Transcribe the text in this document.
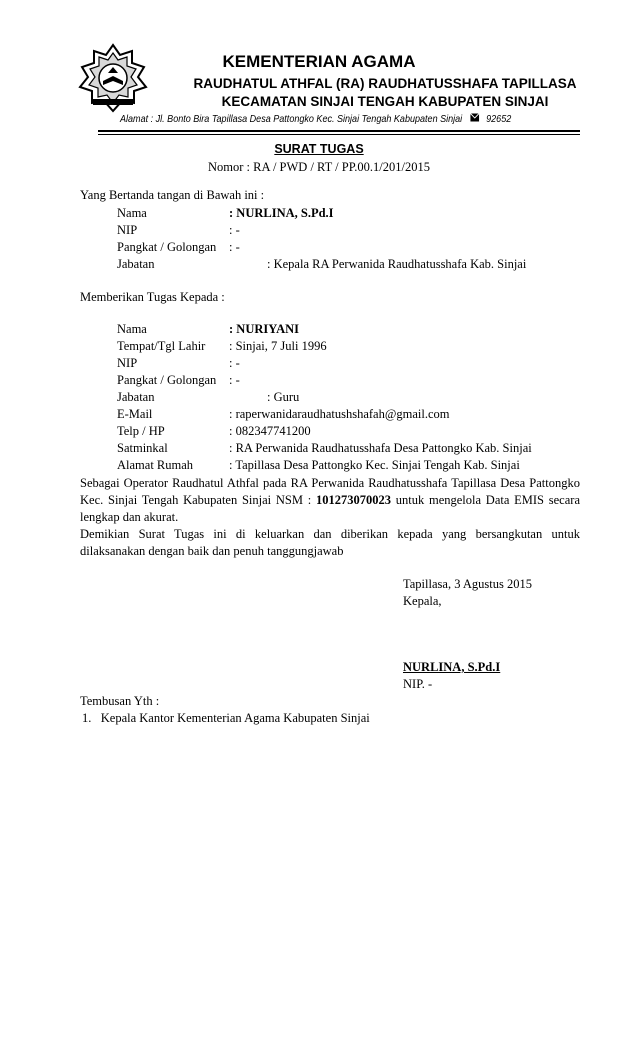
KEMENTERIAN AGAMA
RAUDHATUL ATHFAL (RA) RAUDHATUSSHAFA TAPILLASA
KECAMATAN SINJAI TENGAH KABUPATEN SINJAI
Alamat : Jl. Bonto Bira Tapillasa Desa Pattongko Kec. Sinjai Tengah Kabupaten Sinjai 92652
SURAT TUGAS
Nomor : RA / PWD / RT / PP.00.1/201/2015
Yang Bertanda tangan di Bawah ini :
Nama	: NURLINA, S.Pd.I
NIP	: -
Pangkat / Golongan : -
Jabatan	: Kepala RA Perwanida Raudhatusshafa Kab. Sinjai
Memberikan Tugas Kepada :
Nama	: NURIYANI
Tempat/Tgl Lahir : Sinjai, 7 Juli 1996
NIP	: -
Pangkat / Golongan : -
Jabatan	: Guru
E-Mail	: raperwanidaraudhatushshafah@gmail.com
Telp / HP	: 082347741200
Satminkal	: RA Perwanida Raudhatusshafa Desa Pattongko Kab. Sinjai
Alamat Rumah	: Tapillasa Desa Pattongko Kec. Sinjai Tengah Kab. Sinjai
Sebagai Operator Raudhatul Athfal pada RA Perwanida Raudhatusshafa Tapillasa Desa Pattongko Kec. Sinjai Tengah Kabupaten Sinjai NSM : 101273070023 untuk mengelola Data EMIS secara lengkap dan akurat.
Demikian Surat Tugas ini di keluarkan dan diberikan kepada yang bersangkutan untuk dilaksanakan dengan baik dan penuh tanggungjawab
Tapillasa, 3 Agustus 2015
Kepala,
NURLINA, S.Pd.I
NIP. -
Tembusan Yth :
1.   Kepala Kantor Kementerian Agama Kabupaten Sinjai
